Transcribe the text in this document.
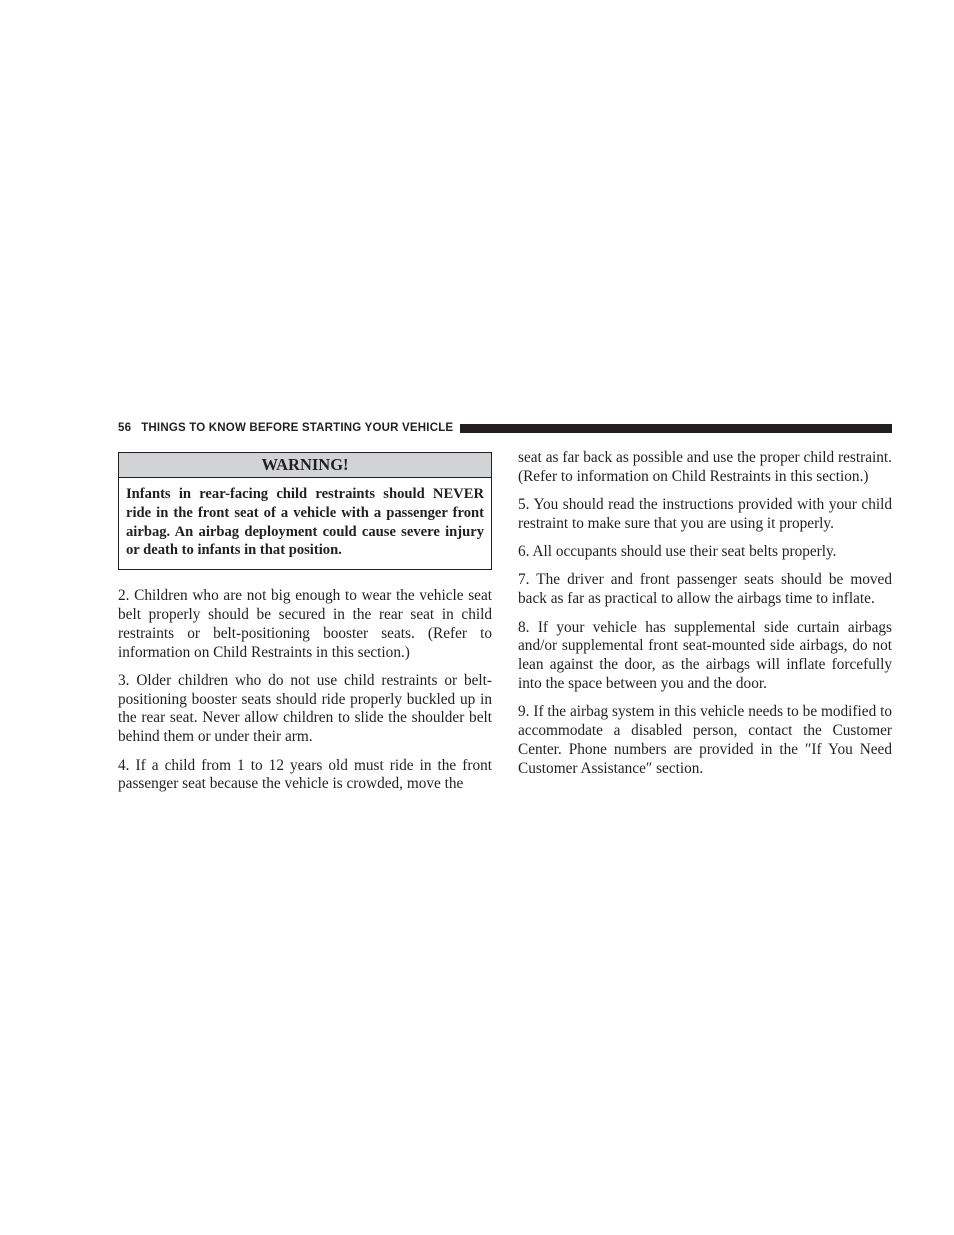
56 THINGS TO KNOW BEFORE STARTING YOUR VEHICLE
WARNING!
Infants in rear-facing child restraints should NEVER ride in the front seat of a vehicle with a passenger front airbag. An airbag deployment could cause severe injury or death to infants in that position.

2. Children who are not big enough to wear the vehicle seat belt properly should be secured in the rear seat in child restraints or belt-positioning booster seats. (Refer to information on Child Restraints in this section.)

3. Older children who do not use child restraints or belt-positioning booster seats should ride properly buckled up in the rear seat. Never allow children to slide the shoulder belt behind them or under their arm.

4. If a child from 1 to 12 years old must ride in the front passenger seat because the vehicle is crowded, move the

seat as far back as possible and use the proper child restraint. (Refer to information on Child Restraints in this section.)

5. You should read the instructions provided with your child restraint to make sure that you are using it properly.

6. All occupants should use their seat belts properly.

7. The driver and front passenger seats should be moved back as far as practical to allow the airbags time to inflate.

8. If your vehicle has supplemental side curtain airbags and/or supplemental front seat-mounted side airbags, do not lean against the door, as the airbags will inflate forcefully into the space between you and the door.

9. If the airbag system in this vehicle needs to be modified to accommodate a disabled person, contact the Customer Center. Phone numbers are provided in the ″If You Need Customer Assistance″ section.
